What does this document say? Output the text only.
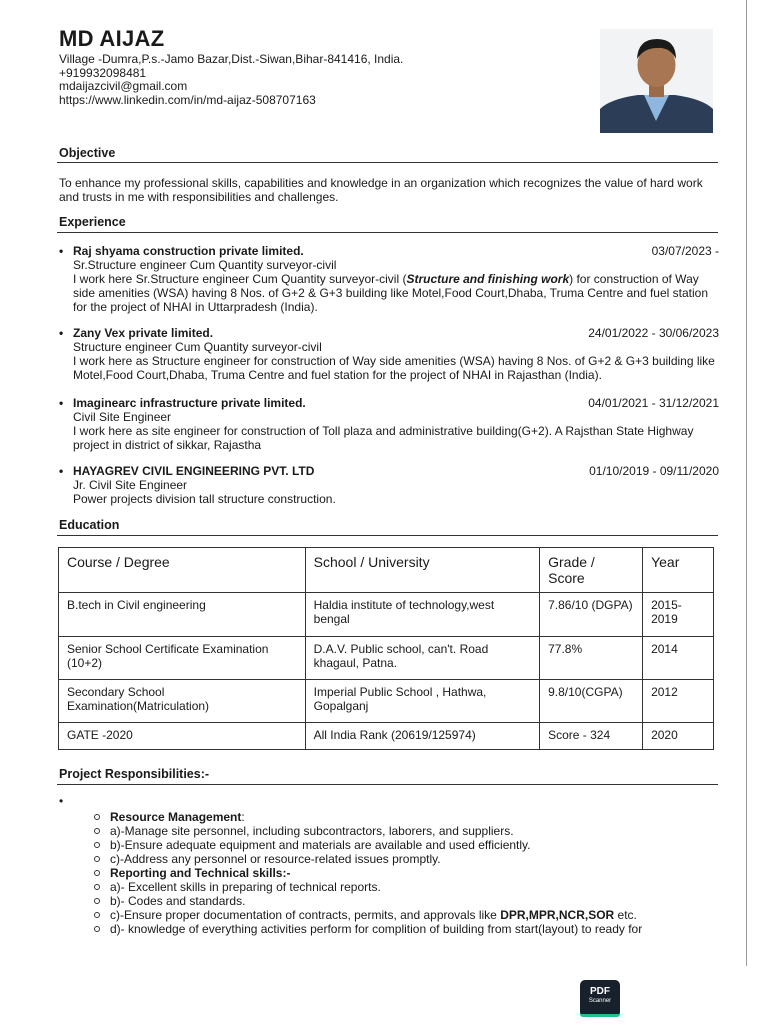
MD AIJAZ
Village -Dumra,P.s.-Jamo Bazar,Dist.-Siwan,Bihar-841416, India.
+919932098481
mdaijazcivil@gmail.com
https://www.linkedin.com/in/md-aijaz-508707163
Objective
To enhance my professional skills, capabilities and knowledge in an organization which recognizes the value of hard work and trusts in me with responsibilities and challenges.
Experience
• Raj shyama construction private limited.	03/07/2023 -
Sr.Structure engineer Cum Quantity surveyor-civil
I work here Sr.Structure engineer Cum Quantity surveyor-civil (Structure and finishing work) for construction of Way side amenities (WSA) having 8 Nos. of G+2 & G+3 building like Motel,Food Court,Dhaba, Truma Centre and fuel station for the project of NHAI in Uttarpradesh (India).
• Zany Vex private limited.	24/01/2022 - 30/06/2023
Structure engineer Cum Quantity surveyor-civil
I work here as Structure engineer for construction of Way side amenities (WSA) having 8 Nos. of G+2 & G+3 building like Motel,Food Court,Dhaba, Truma Centre and fuel station for the project of NHAI in Rajasthan (India).
• Imaginearc infrastructure private limited.	04/01/2021 - 31/12/2021
Civil Site Engineer
I work here as site engineer for construction of Toll plaza and administrative building(G+2). A Rajsthan State Highway project in district of sikkar, Rajastha
• HAYAGREV CIVIL ENGINEERING PVT. LTD	01/10/2019 - 09/11/2020
Jr. Civil Site Engineer
Power projects division tall structure construction.
Education
Course / Degree	School / University	Grade / Score	Year
B.tech in Civil engineering	Haldia institute of technology,west bengal	7.86/10 (DGPA)	2015-2019
Senior School Certificate Examination (10+2)	D.A.V. Public school, can't. Road khagaul, Patna.	77.8%	2014
Secondary School Examination(Matriculation)	Imperial Public School , Hathwa, Gopalganj	9.8/10(CGPA)	2012
GATE -2020	All India Rank (20619/125974)	Score - 324	2020
Project Responsibilities:-
•
Resource Management:
a)-Manage site personnel, including subcontractors, laborers, and suppliers.
b)-Ensure adequate equipment and materials are available and used efficiently.
c)-Address any personnel or resource-related issues promptly.
Reporting and Technical skills:-
a)- Excellent skills in preparing of technical reports.
b)- Codes and standards.
c)-Ensure proper documentation of contracts, permits, and approvals like DPR,MPR,NCR,SOR etc.
d)- knowledge of everything activities perform for complition of building from start(layout) to ready for
PDF
Scanner
